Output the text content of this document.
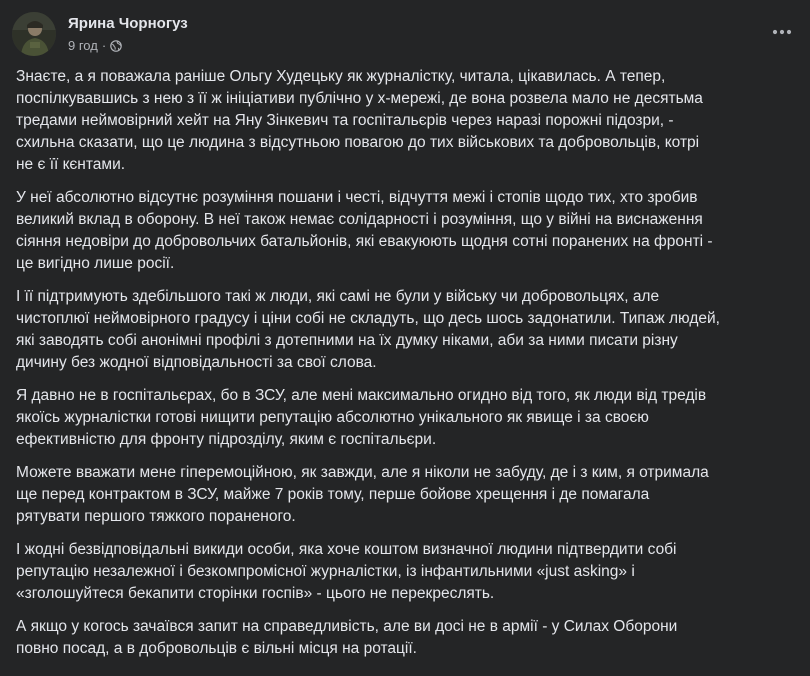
Ярина Чорногуз
9 год ·

Знаєте, а я поважала раніше Ольгу Худецьку як журналістку, читала, цікавилась. А тепер,
поспілкувавшись з нею з її ж ініціативи публічно у х-мережі, де вона розвела мало не десятьма
тредами неймовірний хейт на Яну Зінкевич та госпітальєрів через наразі порожні підозри, -
схильна сказати, що це людина з відсутньою повагою до тих військових та добровольців, котрі
не є її кєнтами.

У неї абсолютно відсутнє розуміння пошани і честі, відчуття межі і стопів щодо тих, хто зробив
великий вклад в оборону. В неї також немає солідарності і розуміння, що у війні на виснаження
сіяння недовіри до добровольчих батальйонів, які евакуюють щодня сотні поранених на фронті -
це вигідно лише росії.

І її підтримують здебільшого такі ж люди, які самі не були у війську чи добровольцях, але
чистоплюї неймовірного градусу і ціни собі не складуть, що десь шось задонатили. Типаж людей,
які заводять собі анонімні профілі з дотепними на їх думку ніками, аби за ними писати різну
дичину без жодної відповідальності за свої слова.

Я давно не в госпітальєрах, бо в ЗСУ, але мені максимально огидно від того, як люди від тредів
якоїсь журналістки готові нищити репутацію абсолютно унікального як явище і за своєю
ефективністю для фронту підрозділу, яким є госпітальєри.

Можете вважати мене гіперемоційною, як завжди, але я ніколи не забуду, де і з ким, я отримала
ще перед контрактом в ЗСУ, майже 7 років тому, перше бойове хрещення і де помагала
рятувати першого тяжкого пораненого.

І жодні безвідповідальні викиди особи, яка хоче коштом визначної людини підтвердити собі
репутацію незалежної і безкомпромісної журналістки, із інфантильними «just asking» і
«зголошуйтеся бекапити сторінки госпів» - цього не перекреслять.

А якщо у когось зачаївся запит на справедливість, але ви досі не в армії - у Силах Оборони
повно посад, а в добровольців є вільні місця на ротації.
